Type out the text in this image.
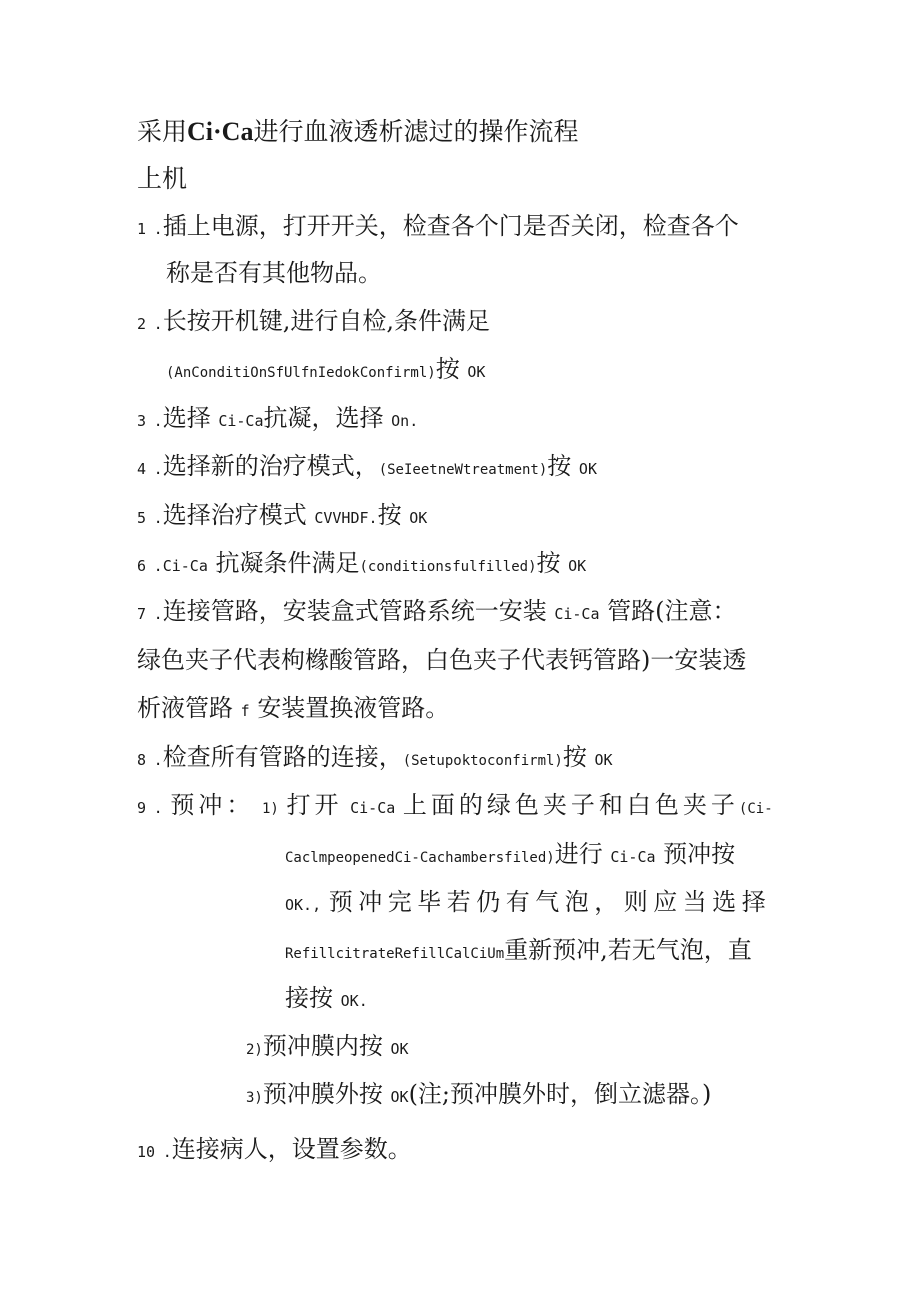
采用Ci·Ca进行血液透析滤过的操作流程
上机
1 .插上电源，打开开关，检查各个门是否关闭，检查各个
称是否有其他物品。
2 .长按开机键,进行自检,条件满足
(AnConditiOnSfUlfnIedokConfirml)按 OK
3 .选择 Ci-Ca抗凝，选择 On.
4 .选择新的治疗模式，(SeIeetneWtreatment)按 OK
5 .选择治疗模式 CVVHDF.按 OK
6 .Ci-Ca 抗凝条件满足(conditionsfulfilled)按 OK
7 .连接管路，安装盒式管路系统一安装 Ci-Ca 管路(注意：
绿色夹子代表枸橼酸管路，白色夹子代表钙管路)一安装透
析液管路 f 安装置换液管路。
8 .检查所有管路的连接，(Setupoktoconfirml)按 OK
9 . 预冲： 1) 打开 Ci-Ca 上面的绿色夹子和白色夹子(Ci-
CaclmpeopenedCi-Cachambersfiled)进行 Ci-Ca 预冲按
OK., 预冲完毕若仍有气泡，则应当选择
RefillcitrateRefillCalCiUm重新预冲,若无气泡，直
接按 OK.
2)预冲膜内按 OK
3)预冲膜外按 OK(注;预冲膜外时，倒立滤器。)
10 .连接病人，设置参数。
